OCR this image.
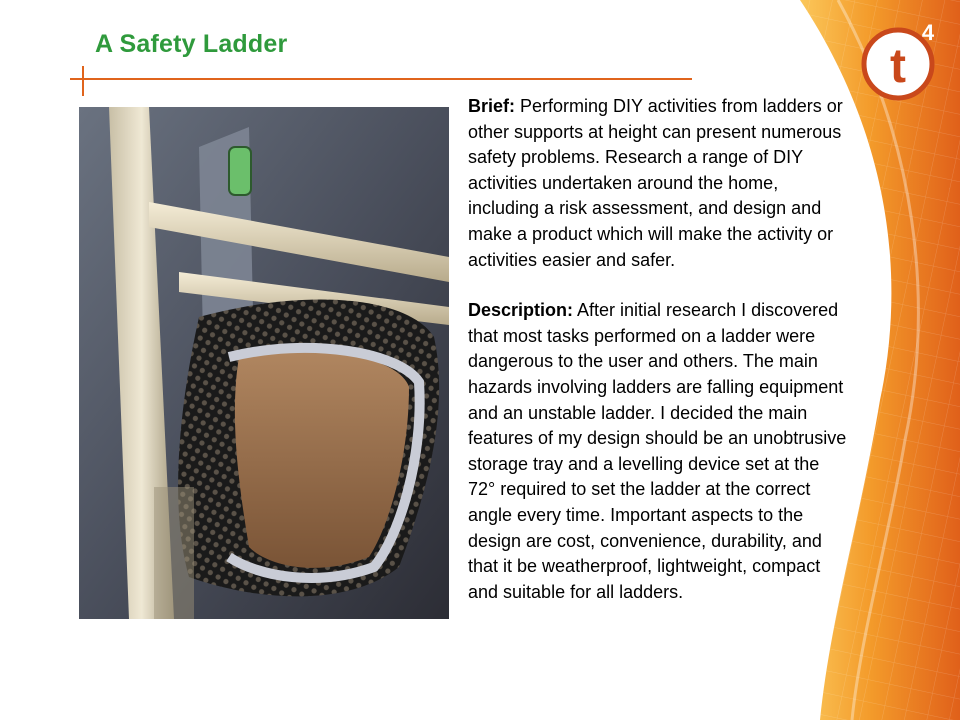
t
4
A Safety Ladder

Brief: Performing DIY activities from ladders or other supports at height can present numerous safety problems. Research a range of DIY activities undertaken around the home, including a risk assessment, and design and make a product which will make the activity or activities easier and safer.

Description: After initial research I discovered that most tasks performed on a ladder were dangerous to the user and others. The main hazards involving ladders are falling equipment and an unstable ladder. I decided the main features of my design should be an unobtrusive storage tray and a levelling device set at the 72° required to set the ladder at the correct angle every time. Important aspects to the design are cost, convenience, durability, and that it be weatherproof, lightweight, compact and suitable for all ladders.
